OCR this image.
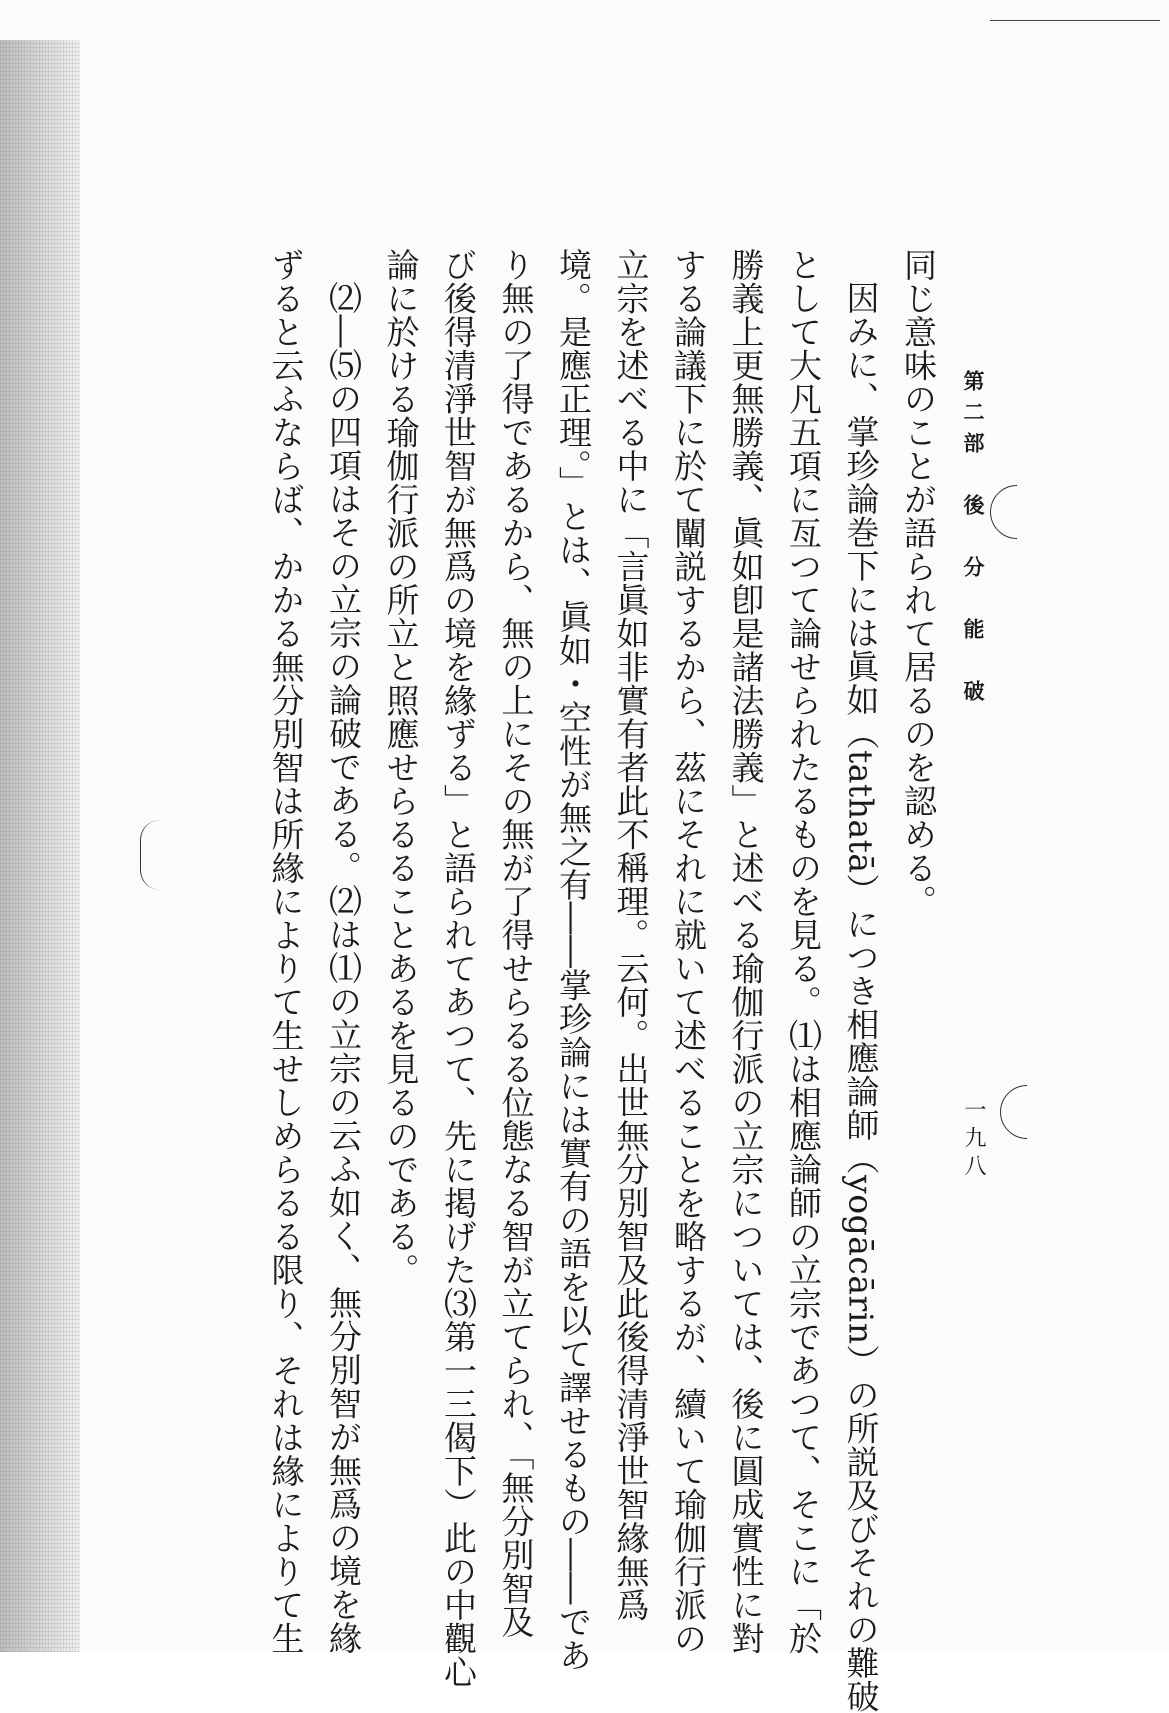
第二部　後　分　能　破
一九八
同じ意味のことが語られて居るのを認める。
因みに、掌珍論巻下には眞如（tathatā）につき相應論師（yogācārin）の所説及びそれの難破
として大凡五項に亙つて論せられたるものを見る。⑴は相應論師の立宗であつて、そこに「於
勝義上更無勝義、眞如卽是諸法勝義」と述べる瑜伽行派の立宗については、後に圓成實性に對
する論議下に於て闡説するから、茲にそれに就いて述べることを略するが、續いて瑜伽行派の
立宗を述べる中に「言眞如非實有者此不稱理。云何。出世無分別智及此後得清淨世智緣無爲
境。是應正理。」とは、眞如・空性が無之有――掌珍論には實有の語を以て譯せるもの――であ
り無の了得であるから、無の上にその無が了得せらるる位態なる智が立てられ、「無分別智及
び後得清淨世智が無爲の境を緣ずる」と語られてあつて、先に掲げた⑶第一三偈下）此の中觀心
論に於ける瑜伽行派の所立と照應せらるることあるを見るのである。
⑵―⑸の四項はその立宗の論破である。⑵は⑴の立宗の云ふ如く、無分別智が無爲の境を緣
ずると云ふならば、かかる無分別智は所緣によりて生せしめらるる限り、それは緣によりて生
